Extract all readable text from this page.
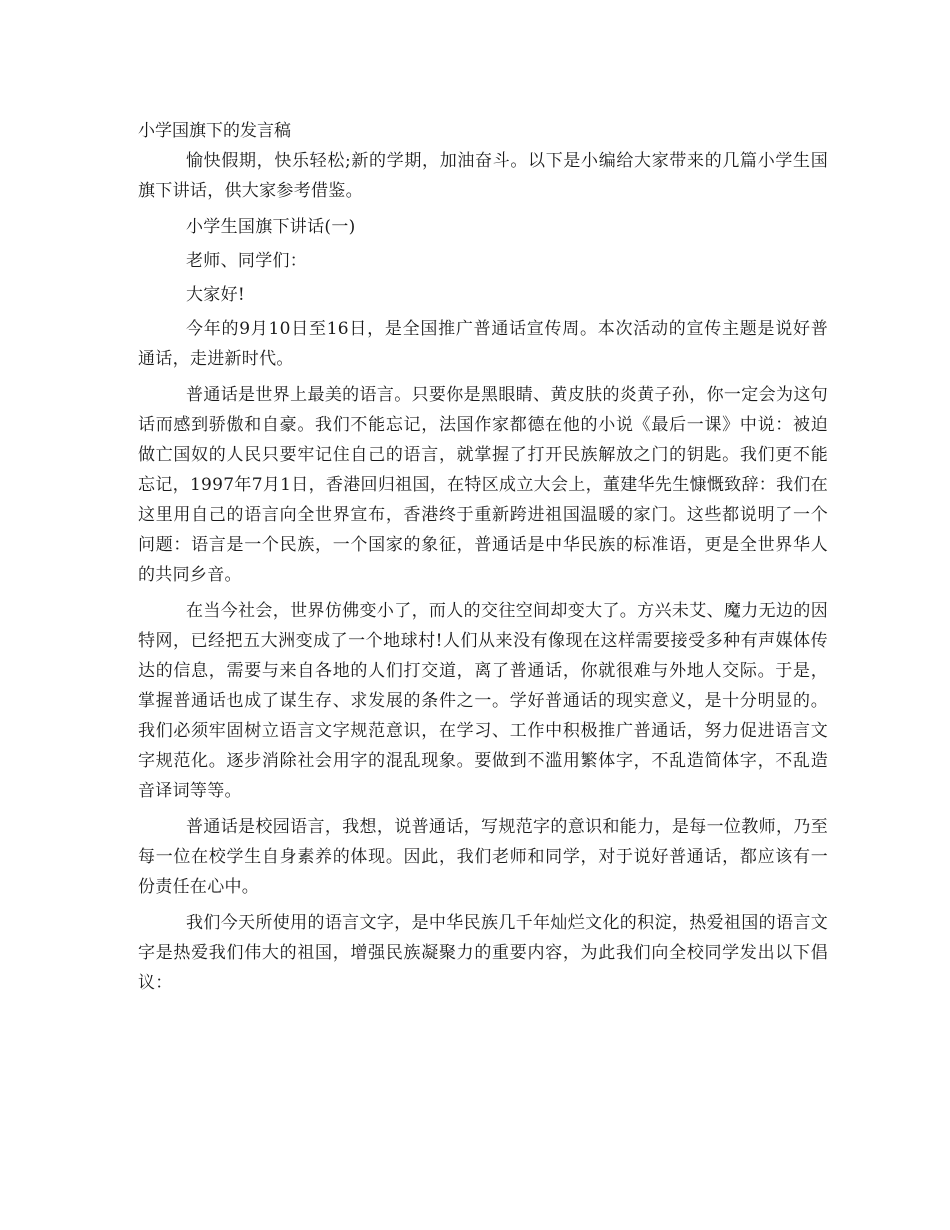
小学国旗下的发言稿

愉快假期，快乐轻松;新的学期，加油奋斗。以下是小编给大家带来的几篇小学生国旗下讲话，供大家参考借鉴。

小学生国旗下讲话(一)

老师、同学们：

大家好!

今年的9月10日至16日，是全国推广普通话宣传周。本次活动的宣传主题是说好普通话，走进新时代。

普通话是世界上最美的语言。只要你是黑眼睛、黄皮肤的炎黄子孙，你一定会为这句话而感到骄傲和自豪。我们不能忘记，法国作家都德在他的小说《最后一课》中说：被迫做亡国奴的人民只要牢记住自己的语言，就掌握了打开民族解放之门的钥匙。我们更不能忘记，1997年7月1日，香港回归祖国，在特区成立大会上，董建华先生慷慨致辞：我们在这里用自己的语言向全世界宣布，香港终于重新跨进祖国温暖的家门。这些都说明了一个问题：语言是一个民族，一个国家的象征，普通话是中华民族的标准语，更是全世界华人的共同乡音。

在当今社会，世界仿佛变小了，而人的交往空间却变大了。方兴未艾、魔力无边的因特网，已经把五大洲变成了一个地球村!人们从来没有像现在这样需要接受多种有声媒体传达的信息，需要与来自各地的人们打交道，离了普通话，你就很难与外地人交际。于是，掌握普通话也成了谋生存、求发展的条件之一。学好普通话的现实意义，是十分明显的。我们必须牢固树立语言文字规范意识，在学习、工作中积极推广普通话，努力促进语言文字规范化。逐步消除社会用字的混乱现象。要做到不滥用繁体字，不乱造简体字，不乱造音译词等等。

普通话是校园语言，我想，说普通话，写规范字的意识和能力，是每一位教师，乃至每一位在校学生自身素养的体现。因此，我们老师和同学，对于说好普通话，都应该有一份责任在心中。

我们今天所使用的语言文字，是中华民族几千年灿烂文化的积淀，热爱祖国的语言文字是热爱我们伟大的祖国，增强民族凝聚力的重要内容，为此我们向全校同学发出以下倡议：
